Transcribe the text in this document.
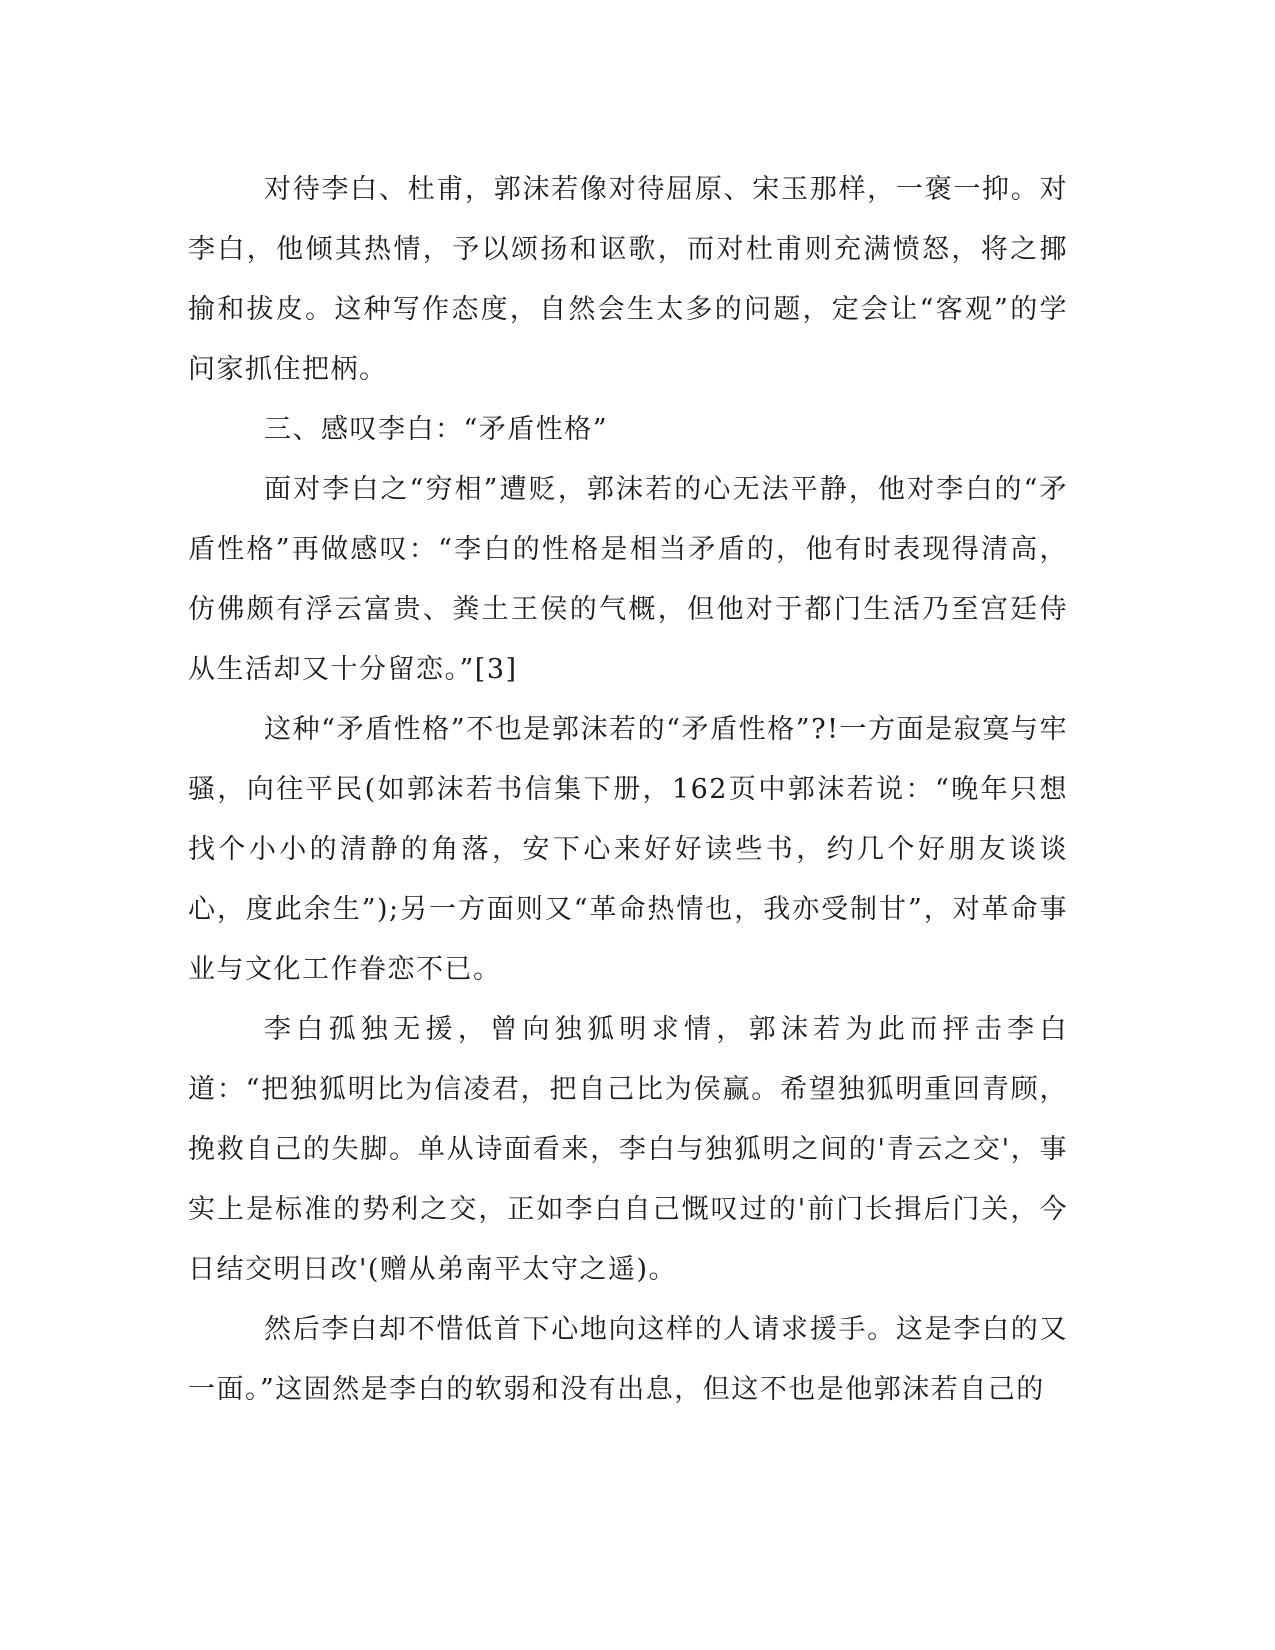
对待李白、杜甫，郭沫若像对待屈原、宋玉那样，一褒一抑。对李白，他倾其热情，予以颂扬和讴歌，而对杜甫则充满愤怒，将之揶揄和拔皮。这种写作态度，自然会生太多的问题，定会让“客观”的学问家抓住把柄。

三、感叹李白：“矛盾性格”

面对李白之“穷相”遭贬，郭沫若的心无法平静，他对李白的“矛盾性格”再做感叹：“李白的性格是相当矛盾的，他有时表现得清高，仿佛颇有浮云富贵、粪土王侯的气概，但他对于都门生活乃至宫廷侍从生活却又十分留恋。”[3]

这种“矛盾性格”不也是郭沫若的“矛盾性格”?!一方面是寂寞与牢骚，向往平民(如郭沫若书信集下册，162页中郭沫若说：“晚年只想找个小小的清静的角落，安下心来好好读些书，约几个好朋友谈谈心，度此余生”);另一方面则又“革命热情也，我亦受制甘”，对革命事业与文化工作眷恋不已。

李白孤独无援，曾向独狐明求情，郭沫若为此而抨击李白道：“把独狐明比为信凌君，把自己比为侯赢。希望独狐明重回青顾，挽救自己的失脚。单从诗面看来，李白与独狐明之间的'青云之交'，事实上是标准的势利之交，正如李白自己慨叹过的'前门长揖后门关，今日结交明日改'(赠从弟南平太守之遥)。

然后李白却不惜低首下心地向这样的人请求援手。这是李白的又一面。”这固然是李白的软弱和没有出息，但这不也是他郭沫若自己的
